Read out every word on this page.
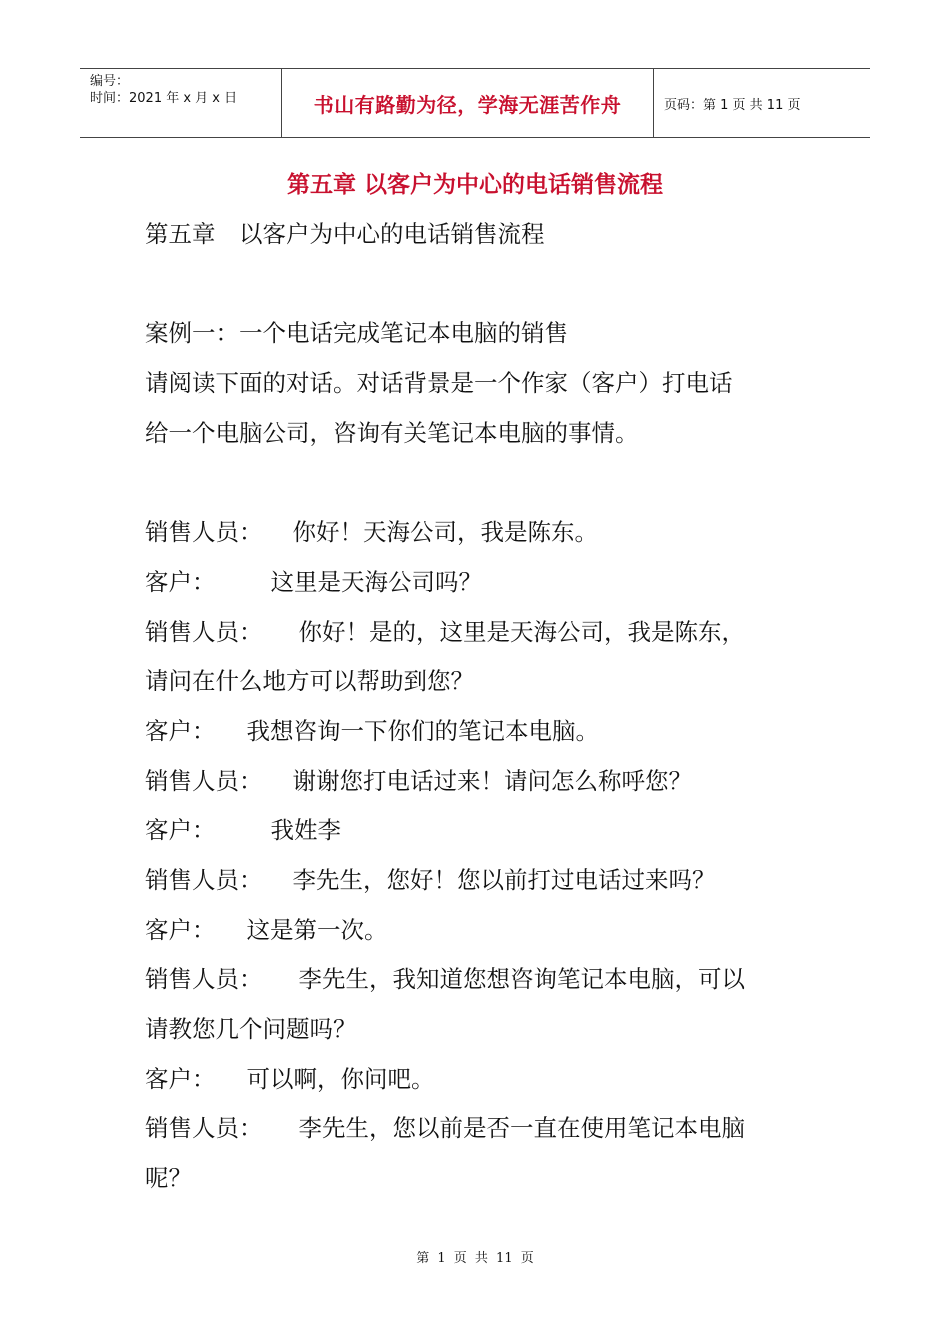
编号：
时间：2021 年 x 月 x 日	书山有路勤为径，学海无涯苦作舟	页码：第 1 页 共 11 页
第五章 以客户为中心的电话销售流程
第五章　以客户为中心的电话销售流程
案例一：一个电话完成笔记本电脑的销售
请阅读下面的对话。对话背景是一个作家（客户）打电话
给一个电脑公司，咨询有关笔记本电脑的事情。
销售人员： 你好！天海公司，我是陈东。
客户： 这里是天海公司吗？
销售人员： 你好！是的，这里是天海公司，我是陈东，
请问在什么地方可以帮助到您？
客户： 我想咨询一下你们的笔记本电脑。
销售人员： 谢谢您打电话过来！请问怎么称呼您？
客户： 我姓李
销售人员： 李先生，您好！您以前打过电话过来吗？
客户： 这是第一次。
销售人员： 李先生，我知道您想咨询笔记本电脑，可以
请教您几个问题吗？
客户： 可以啊，你问吧。
销售人员： 李先生，您以前是否一直在使用笔记本电脑
呢？
第 1 页 共 11 页
